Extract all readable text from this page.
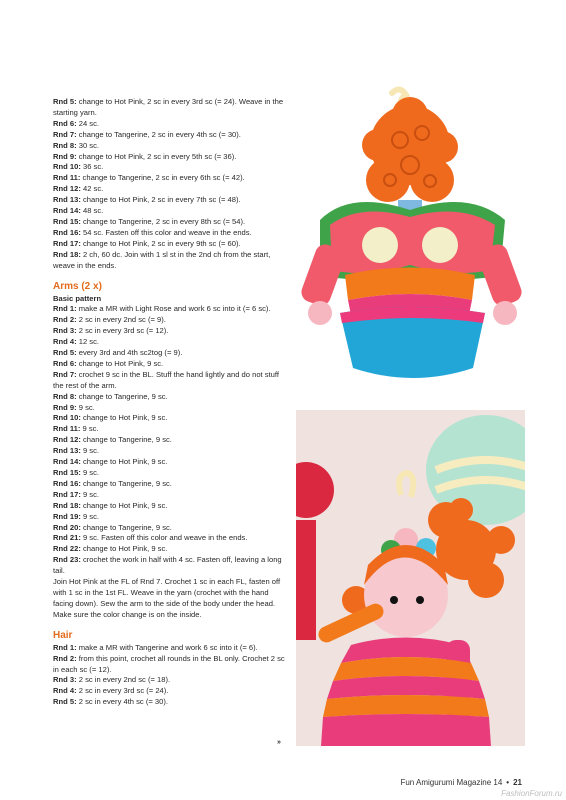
Rnd 5: change to Hot Pink, 2 sc in every 3rd sc (= 24). Weave in the starting yarn.
Rnd 6: 24 sc.
Rnd 7: change to Tangerine, 2 sc in every 4th sc (= 30).
Rnd 8: 30 sc.
Rnd 9: change to Hot Pink, 2 sc in every 5th sc (= 36).
Rnd 10: 36 sc.
Rnd 11: change to Tangerine, 2 sc in every 6th sc (= 42).
Rnd 12: 42 sc.
Rnd 13: change to Hot Pink, 2 sc in every 7th sc (= 48).
Rnd 14: 48 sc.
Rnd 15: change to Tangerine, 2 sc in every 8th sc (= 54).
Rnd 16: 54 sc. Fasten off this color and weave in the ends.
Rnd 17: change to Hot Pink, 2 sc in every 9th sc (= 60).
Rnd 18: 2 ch, 60 dc. Join with 1 sl st in the 2nd ch from the start, weave in the ends.
Arms (2 x)
Basic pattern
Rnd 1: make a MR with Light Rose and work 6 sc into it (= 6 sc).
Rnd 2: 2 sc in every 2nd sc (= 9).
Rnd 3: 2 sc in every 3rd sc (= 12).
Rnd 4: 12 sc.
Rnd 5: every 3rd and 4th sc2tog (= 9).
Rnd 6: change to Hot Pink, 9 sc.
Rnd 7: crochet 9 sc in the BL. Stuff the hand lightly and do not stuff the rest of the arm.
Rnd 8: change to Tangerine, 9 sc.
Rnd 9: 9 sc.
Rnd 10: change to Hot Pink, 9 sc.
Rnd 11: 9 sc.
Rnd 12: change to Tangerine, 9 sc.
Rnd 13: 9 sc.
Rnd 14: change to Hot Pink, 9 sc.
Rnd 15: 9 sc.
Rnd 16: change to Tangerine, 9 sc.
Rnd 17: 9 sc.
Rnd 18: change to Hot Pink, 9 sc.
Rnd 19: 9 sc.
Rnd 20: change to Tangerine, 9 sc.
Rnd 21: 9 sc. Fasten off this color and weave in the ends.
Rnd 22: change to Hot Pink, 9 sc.
Rnd 23: crochet the work in half with 4 sc. Fasten off, leaving a long tail.
Join Hot Pink at the FL of Rnd 7. Crochet 1 sc in each FL, fasten off with 1 sc in the 1st FL. Weave in the yarn (crochet with the hand facing down). Sew the arm to the side of the body under the head. Make sure the color change is on the inside.
Hair
Rnd 1: make a MR with Tangerine and work 6 sc into it (= 6).
Rnd 2: from this point, crochet all rounds in the BL only. Crochet 2 sc in each sc (= 12).
Rnd 3: 2 sc in every 2nd sc (= 18).
Rnd 4: 2 sc in every 3rd sc (= 24).
Rnd 5: 2 sc in every 4th sc (= 30).
»
Fun Amigurumi Magazine 14 • 21
FashionForum.ru
